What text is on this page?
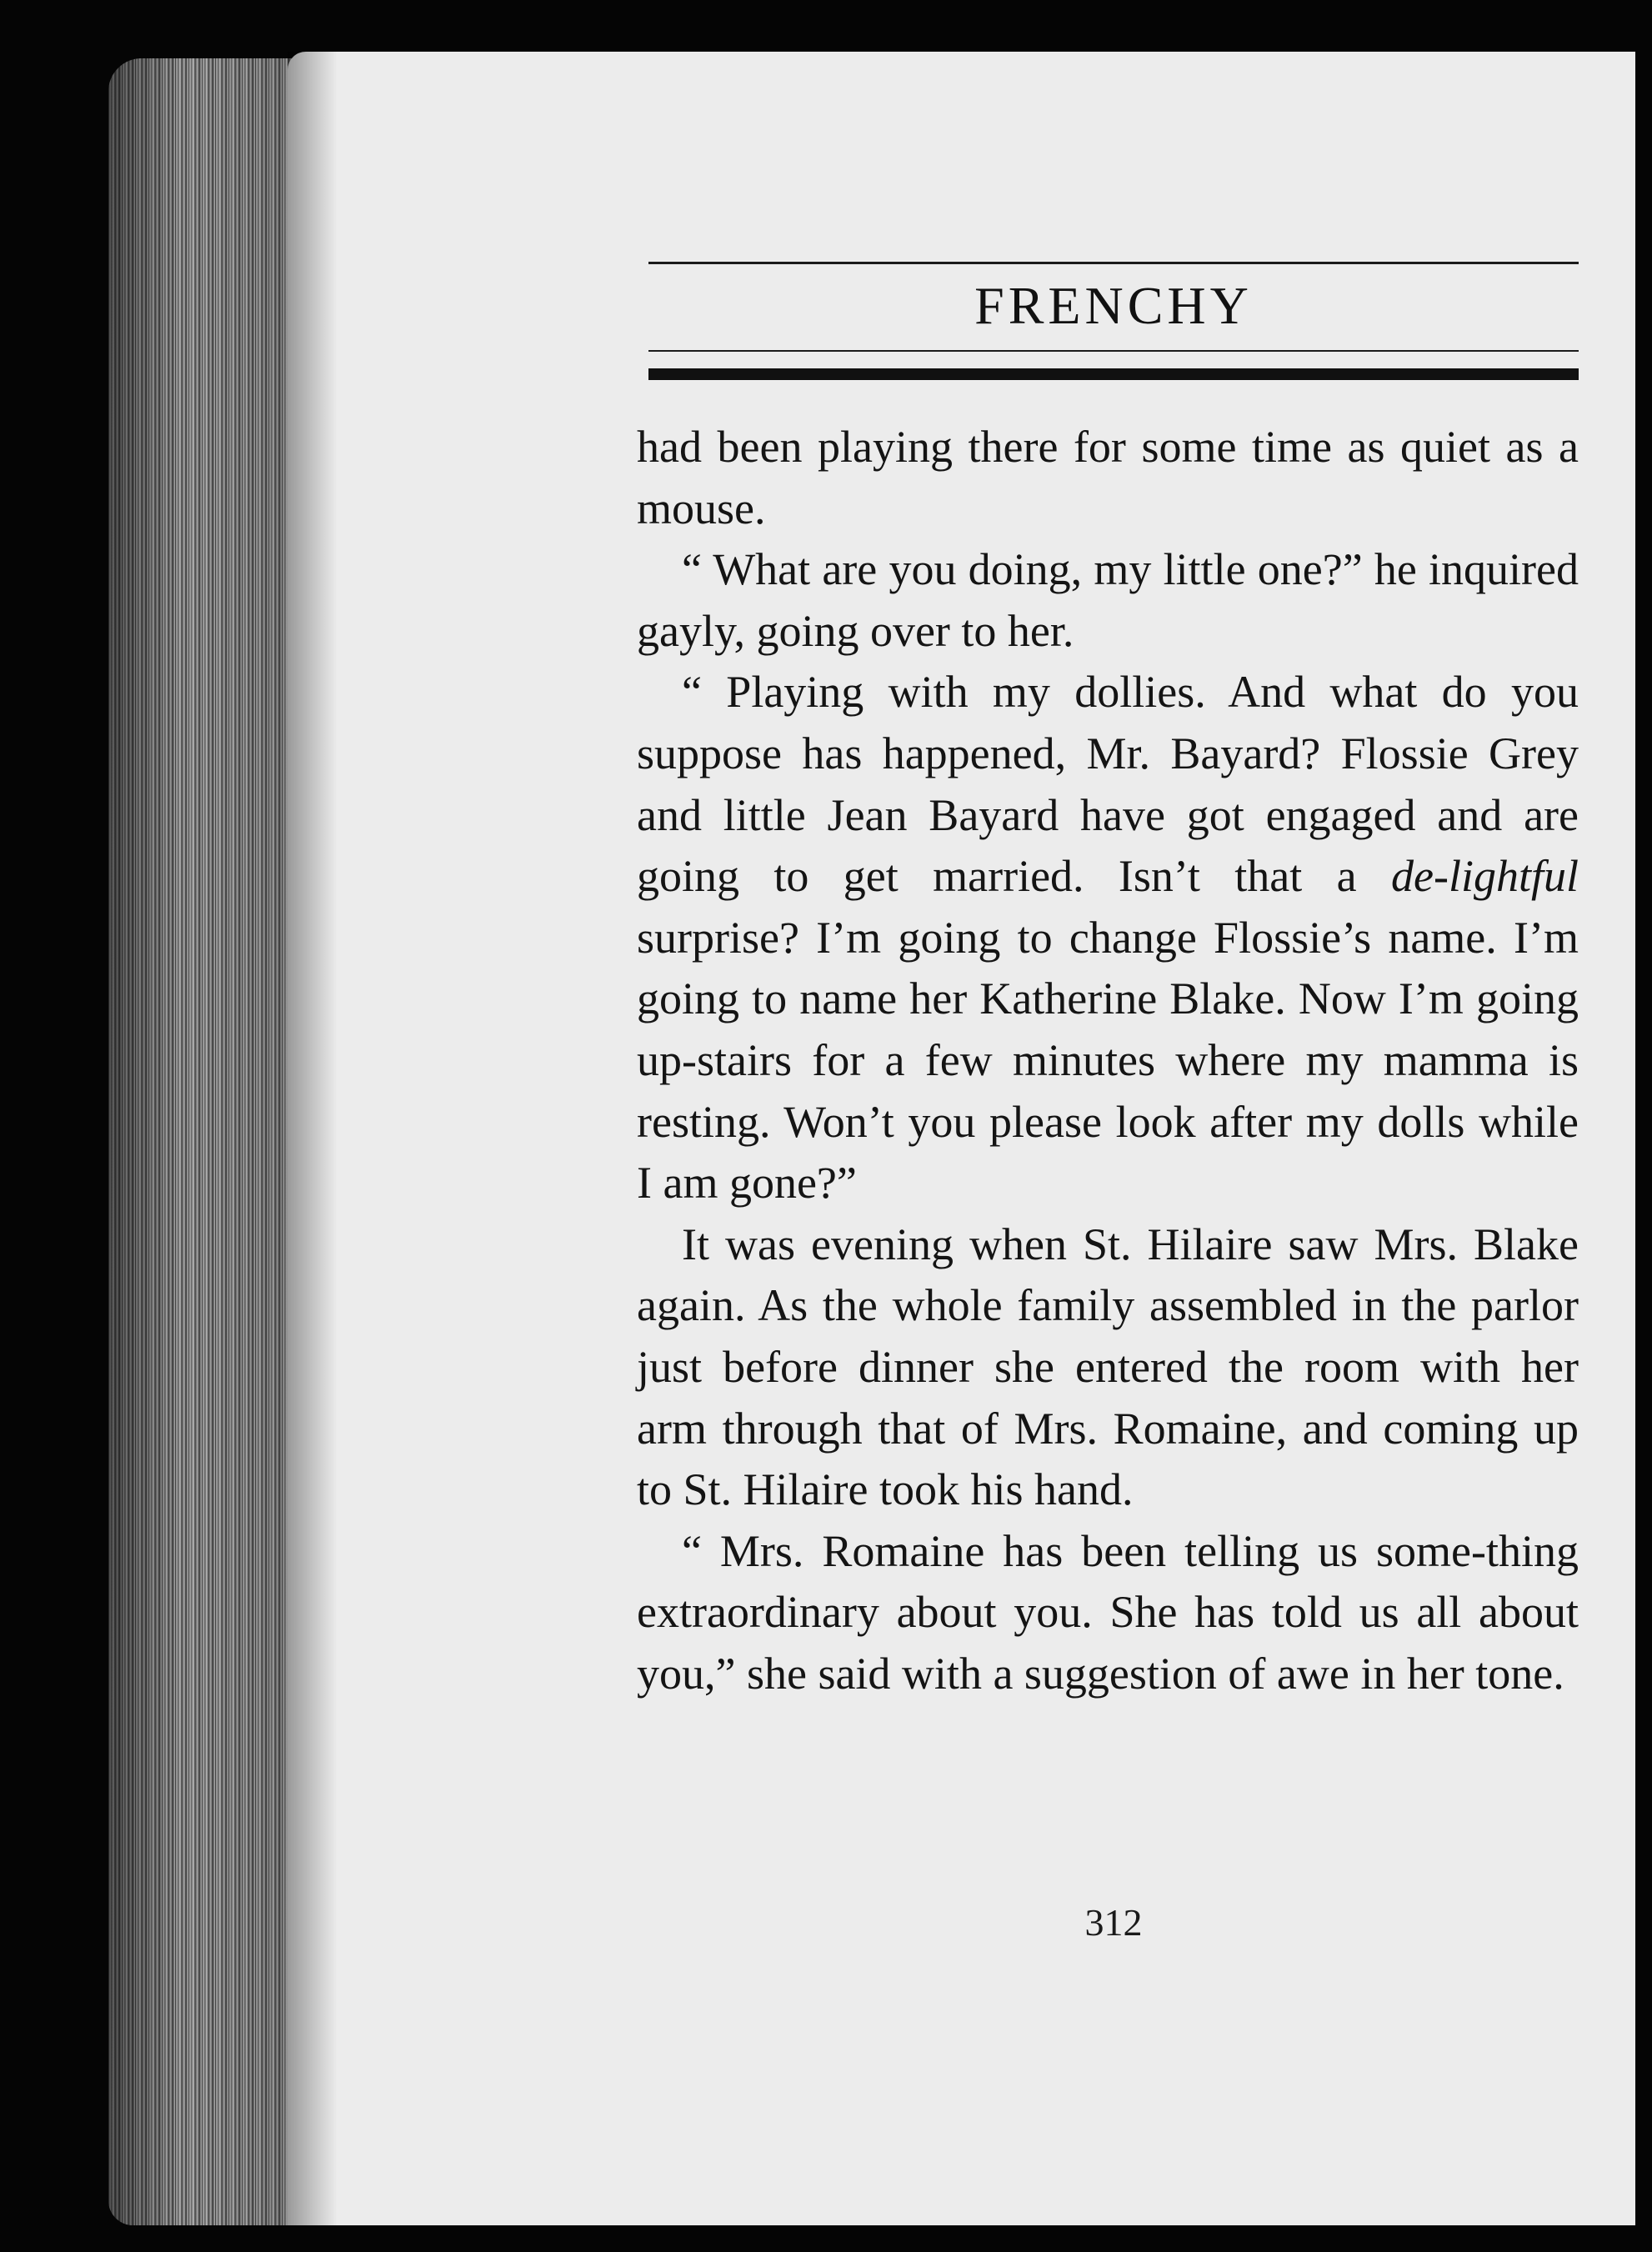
FRENCHY

had been playing there for some time as quiet as a mouse.

“ What are you doing, my little one?” he inquired gayly, going over to her.

“ Playing with my dollies. And what do you suppose has happened, Mr. Bayard? Flossie Grey and little Jean Bayard have got engaged and are going to get married. Isn’t that a de-lightful surprise? I’m going to change Flossie’s name. I’m going to name her Katherine Blake. Now I’m going up-stairs for a few minutes where my mamma is resting. Won’t you please look after my dolls while I am gone?”

It was evening when St. Hilaire saw Mrs. Blake again. As the whole family assembled in the parlor just before dinner she entered the room with her arm through that of Mrs. Romaine, and coming up to St. Hilaire took his hand.

“ Mrs. Romaine has been telling us some-thing extraordinary about you. She has told us all about you,” she said with a suggestion of awe in her tone.

312
